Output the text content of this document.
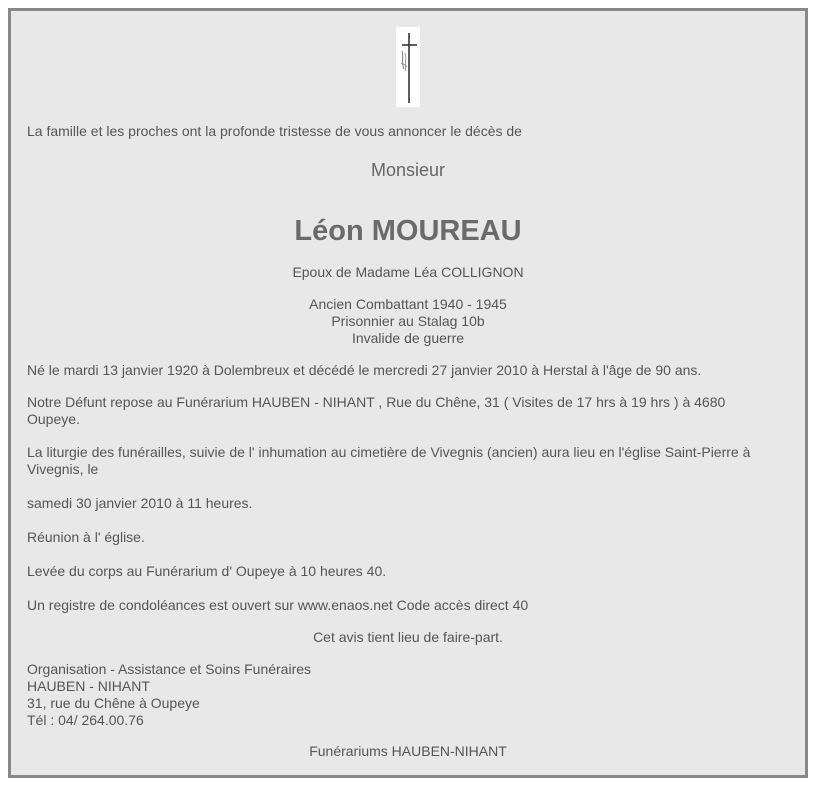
La famille et les proches ont la profonde tristesse de vous annoncer le décès de
Monsieur
Léon MOUREAU
Epoux de Madame Léa COLLIGNON
Ancien Combattant 1940 - 1945
Prisonnier au Stalag 10b
Invalide de guerre
Né le mardi 13 janvier 1920 à Dolembreux et décédé le mercredi 27 janvier 2010 à Herstal à l'âge de 90 ans.
Notre Défunt repose au Funérarium HAUBEN - NIHANT , Rue du Chêne, 31 ( Visites de 17 hrs à 19 hrs ) à 4680
Oupeye.
La liturgie des funérailles, suivie de l' inhumation au cimetière de Vivegnis (ancien) aura lieu en l'église Saint-Pierre à
Vivegnis, le
samedi 30 janvier 2010 à 11 heures.
Réunion à l' église.
Levée du corps au Funérarium d' Oupeye à 10 heures 40.
Un registre de condoléances est ouvert sur www.enaos.net Code accès direct 40
Cet avis tient lieu de faire-part.
Organisation - Assistance et Soins Funéraires
HAUBEN - NIHANT
31, rue du Chêne à Oupeye
Tél : 04/ 264.00.76
Funérariums HAUBEN-NIHANT
